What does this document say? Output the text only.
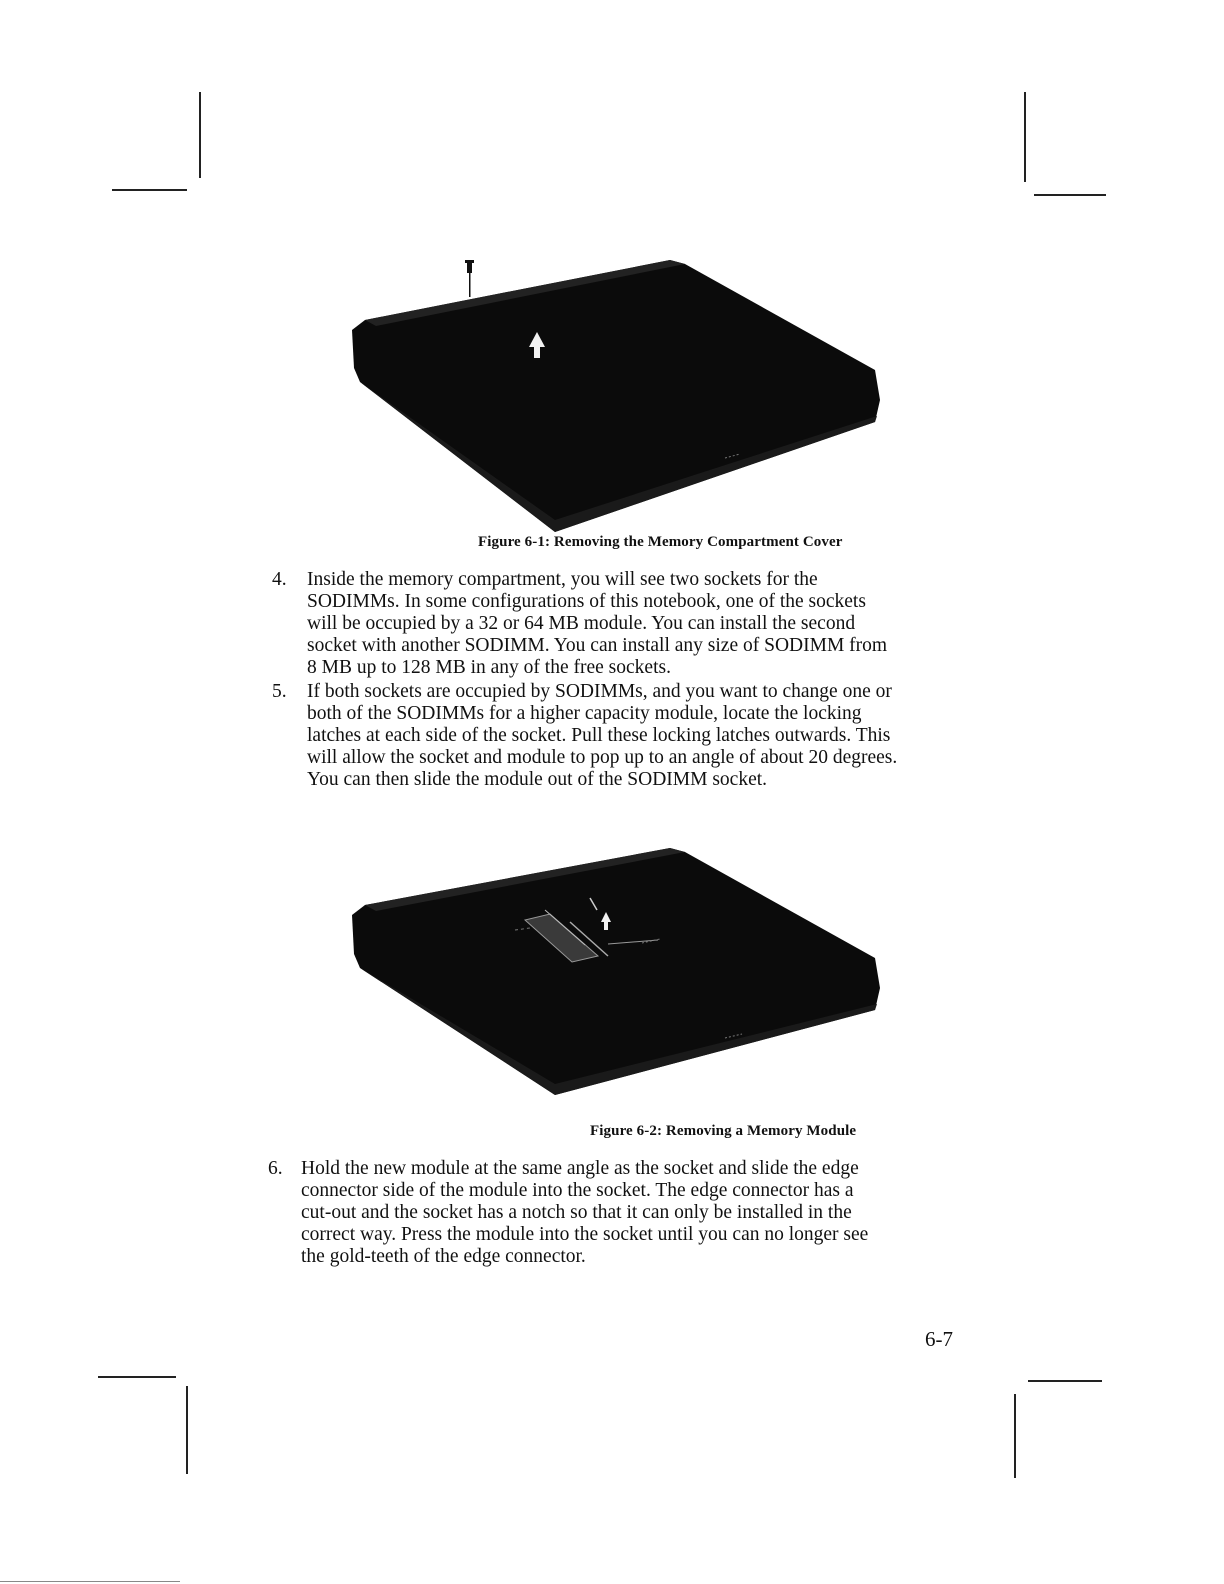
Figure 6-1: Removing the Memory Compartment Cover
4.	Inside the memory compartment, you will see two sockets for the
SODIMMs. In some configurations of this notebook, one of the sockets
will be occupied by a 32 or 64 MB module. You can install the second
socket with another SODIMM. You can install any size of SODIMM from
8 MB up to 128 MB in any of the free sockets.
5.	If both sockets are occupied by SODIMMs, and you want to change one or
both of the SODIMMs for a higher capacity module, locate the locking
latches at each side of the socket. Pull these locking latches outwards. This
will allow the socket and module to pop up to an angle of about 20 degrees.
You can then slide the module out of the SODIMM socket.
Figure 6-2: Removing a Memory Module
6. Hold the new module at the same angle as the socket and slide the edge
connector side of the module into the socket. The edge connector has a
cut-out and the socket has a notch so that it can only be installed in the
correct way. Press the module into the socket until you can no longer see
the gold-teeth of the edge connector.
6-7
